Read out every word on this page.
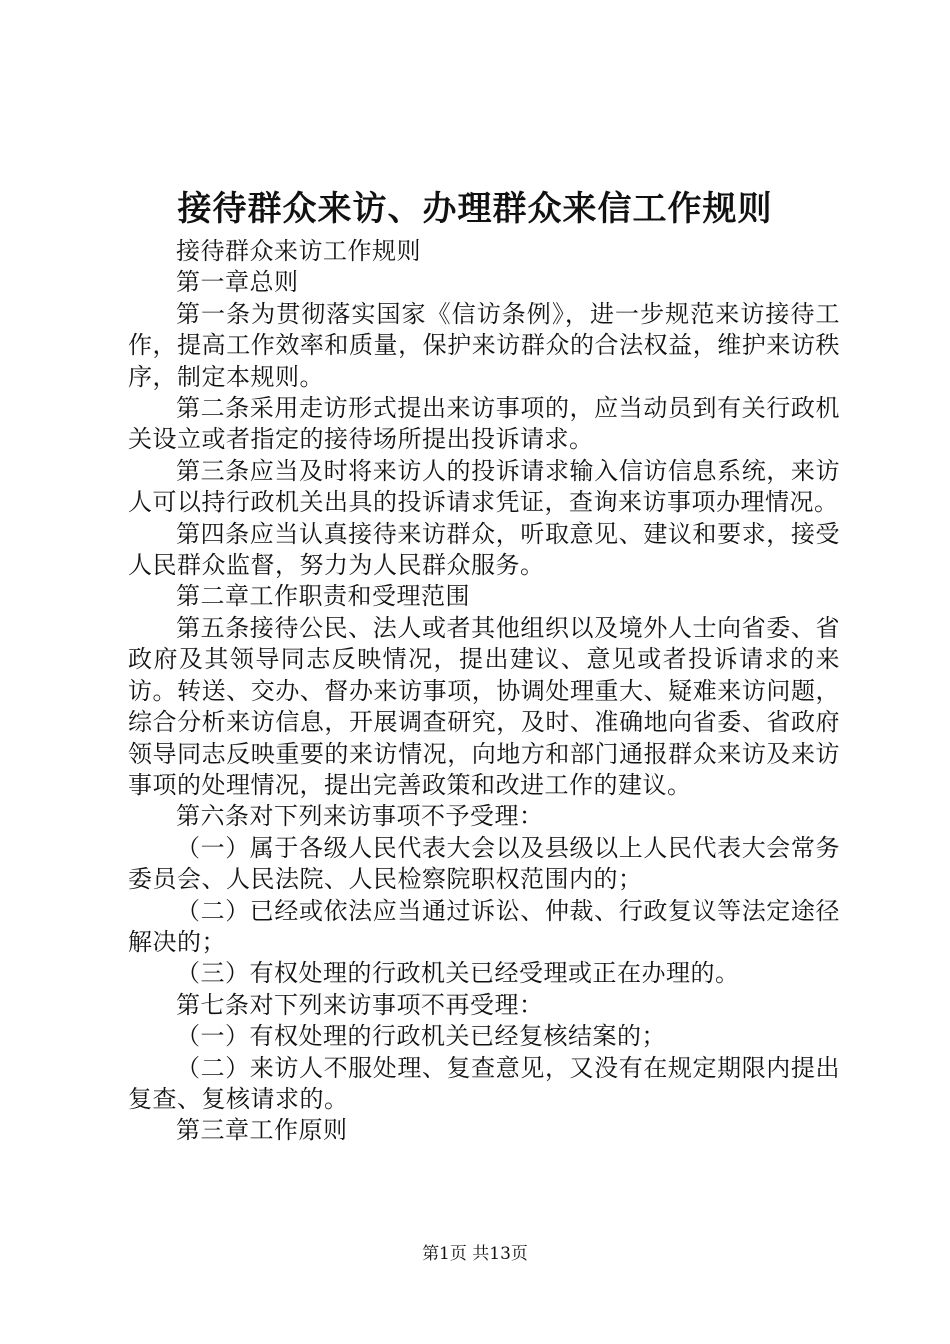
接待群众来访、办理群众来信工作规则

接待群众来访工作规则

第一章总则

第一条为贯彻落实国家《信访条例》，进一步规范来访接待工作，提高工作效率和质量，保护来访群众的合法权益，维护来访秩序，制定本规则。

第二条采用走访形式提出来访事项的，应当动员到有关行政机关设立或者指定的接待场所提出投诉请求。

第三条应当及时将来访人的投诉请求输入信访信息系统，来访人可以持行政机关出具的投诉请求凭证，查询来访事项办理情况。

第四条应当认真接待来访群众，听取意见、建议和要求，接受人民群众监督，努力为人民群众服务。

第二章工作职责和受理范围

第五条接待公民、法人或者其他组织以及境外人士向省委、省政府及其领导同志反映情况，提出建议、意见或者投诉请求的来访。转送、交办、督办来访事项，协调处理重大、疑难来访问题，综合分析来访信息，开展调查研究，及时、准确地向省委、省政府领导同志反映重要的来访情况，向地方和部门通报群众来访及来访事项的处理情况，提出完善政策和改进工作的建议。

第六条对下列来访事项不予受理：

（一）属于各级人民代表大会以及县级以上人民代表大会常务委员会、人民法院、人民检察院职权范围内的；

（二）已经或依法应当通过诉讼、仲裁、行政复议等法定途径解决的；

（三）有权处理的行政机关已经受理或正在办理的。

第七条对下列来访事项不再受理：

（一）有权处理的行政机关已经复核结案的；

（二）来访人不服处理、复查意见，又没有在规定期限内提出复查、复核请求的。

第三章工作原则

第1页 共13页
